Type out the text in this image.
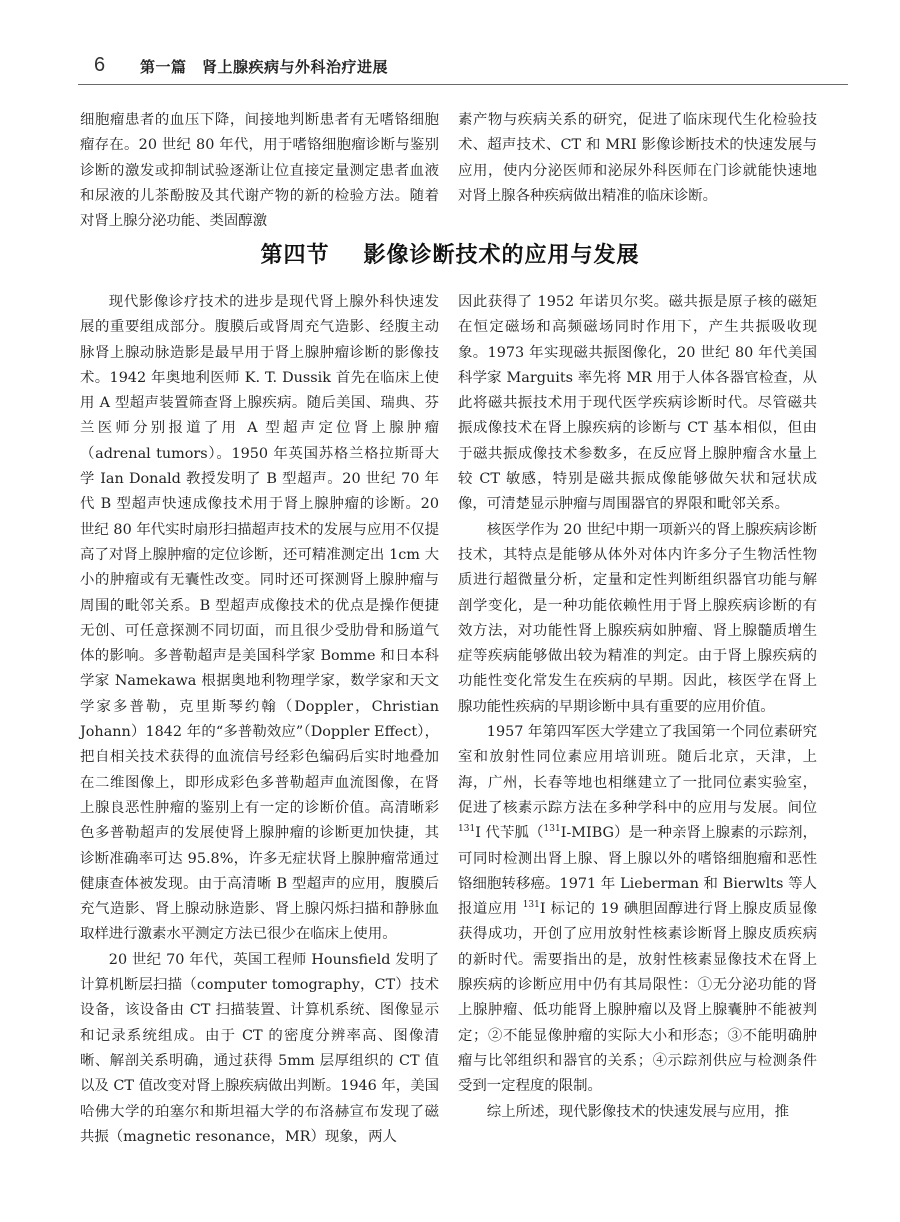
6 第一篇　肾上腺疾病与外科治疗进展

细胞瘤患者的血压下降，间接地判断患者有无嗜铬细胞瘤存在。20 世纪 80 年代，用于嗜铬细胞瘤诊断与鉴别诊断的激发或抑制试验逐渐让位直接定量测定患者血液和尿液的儿茶酚胺及其代谢产物的新的检验方法。随着对肾上腺分泌功能、类固醇激

素产物与疾病关系的研究，促进了临床现代生化检验技术、超声技术、CT 和 MRI 影像诊断技术的快速发展与应用，使内分泌医师和泌尿外科医师在门诊就能快速地对肾上腺各种疾病做出精准的临床诊断。

第四节 影像诊断技术的应用与发展

现代影像诊疗技术的进步是现代肾上腺外科快速发展的重要组成部分。腹膜后或肾周充气造影、经腹主动脉肾上腺动脉造影是最早用于肾上腺肿瘤诊断的影像技术。1942 年奥地利医师 K. T. Dussik 首先在临床上使用 A 型超声装置筛查肾上腺疾病。随后美国、瑞典、芬兰医师分别报道了用 A 型超声定位肾上腺肿瘤（adrenal tumors）。1950 年英国苏格兰格拉斯哥大学 Ian Donald 教授发明了 B 型超声。20 世纪 70 年代 B 型超声快速成像技术用于肾上腺肿瘤的诊断。20 世纪 80 年代实时扇形扫描超声技术的发展与应用不仅提高了对肾上腺肿瘤的定位诊断，还可精准测定出 1cm 大小的肿瘤或有无囊性改变。同时还可探测肾上腺肿瘤与周围的毗邻关系。B 型超声成像技术的优点是操作便捷无创、可任意探测不同切面，而且很少受肋骨和肠道气体的影响。多普勒超声是美国科学家 Bomme 和日本科学家 Namekawa 根据奥地利物理学家，数学家和天文学家多普勒，克里斯琴约翰（Doppler，Christian Johann）1842 年的“多普勒效应”（Doppler Effect），把自相关技术获得的血流信号经彩色编码后实时地叠加在二维图像上，即形成彩色多普勒超声血流图像，在肾上腺良恶性肿瘤的鉴别上有一定的诊断价值。高清晰彩色多普勒超声的发展使肾上腺肿瘤的诊断更加快捷，其诊断准确率可达 95.8%，许多无症状肾上腺肿瘤常通过健康查体被发现。由于高清晰 B 型超声的应用，腹膜后充气造影、肾上腺动脉造影、肾上腺闪烁扫描和静脉血取样进行激素水平测定方法已很少在临床上使用。

20 世纪 70 年代，英国工程师 Hounsfield 发明了计算机断层扫描（computer tomography，CT）技术设备，该设备由 CT 扫描装置、计算机系统、图像显示和记录系统组成。由于 CT 的密度分辨率高、图像清晰、解剖关系明确，通过获得 5mm 层厚组织的 CT 值以及 CT 值改变对肾上腺疾病做出判断。1946 年，美国哈佛大学的珀塞尔和斯坦福大学的布洛赫宣布发现了磁共振（magnetic resonance，MR）现象，两人

因此获得了 1952 年诺贝尔奖。磁共振是原子核的磁矩在恒定磁场和高频磁场同时作用下，产生共振吸收现象。1973 年实现磁共振图像化，20 世纪 80 年代美国科学家 Marguits 率先将 MR 用于人体各器官检查，从此将磁共振技术用于现代医学疾病诊断时代。尽管磁共振成像技术在肾上腺疾病的诊断与 CT 基本相似，但由于磁共振成像技术参数多，在反应肾上腺肿瘤含水量上较 CT 敏感，特别是磁共振成像能够做矢状和冠状成像，可清楚显示肿瘤与周围器官的界限和毗邻关系。

核医学作为 20 世纪中期一项新兴的肾上腺疾病诊断技术，其特点是能够从体外对体内许多分子生物活性物质进行超微量分析，定量和定性判断组织器官功能与解剖学变化，是一种功能依赖性用于肾上腺疾病诊断的有效方法，对功能性肾上腺疾病如肿瘤、肾上腺髓质增生症等疾病能够做出较为精准的判定。由于肾上腺疾病的功能性变化常发生在疾病的早期。因此，核医学在肾上腺功能性疾病的早期诊断中具有重要的应用价值。

1957 年第四军医大学建立了我国第一个同位素研究室和放射性同位素应用培训班。随后北京，天津，上海，广州，长春等地也相继建立了一批同位素实验室，促进了核素示踪方法在多种学科中的应用与发展。间位 $^{131}$I 代苄胍（$^{131}$I-MIBG）是一种亲肾上腺素的示踪剂，可同时检测出肾上腺、肾上腺以外的嗜铬细胞瘤和恶性铬细胞转移癌。1971 年 Lieberman 和 Bierwlts 等人报道应用 $^{131}$I 标记的 19 碘胆固醇进行肾上腺皮质显像获得成功，开创了应用放射性核素诊断肾上腺皮质疾病的新时代。需要指出的是，放射性核素显像技术在肾上腺疾病的诊断应用中仍有其局限性：①无分泌功能的肾上腺肿瘤、低功能肾上腺肿瘤以及肾上腺囊肿不能被判定；②不能显像肿瘤的实际大小和形态；③不能明确肿瘤与比邻组织和器官的关系；④示踪剂供应与检测条件受到一定程度的限制。

综上所述，现代影像技术的快速发展与应用，推
